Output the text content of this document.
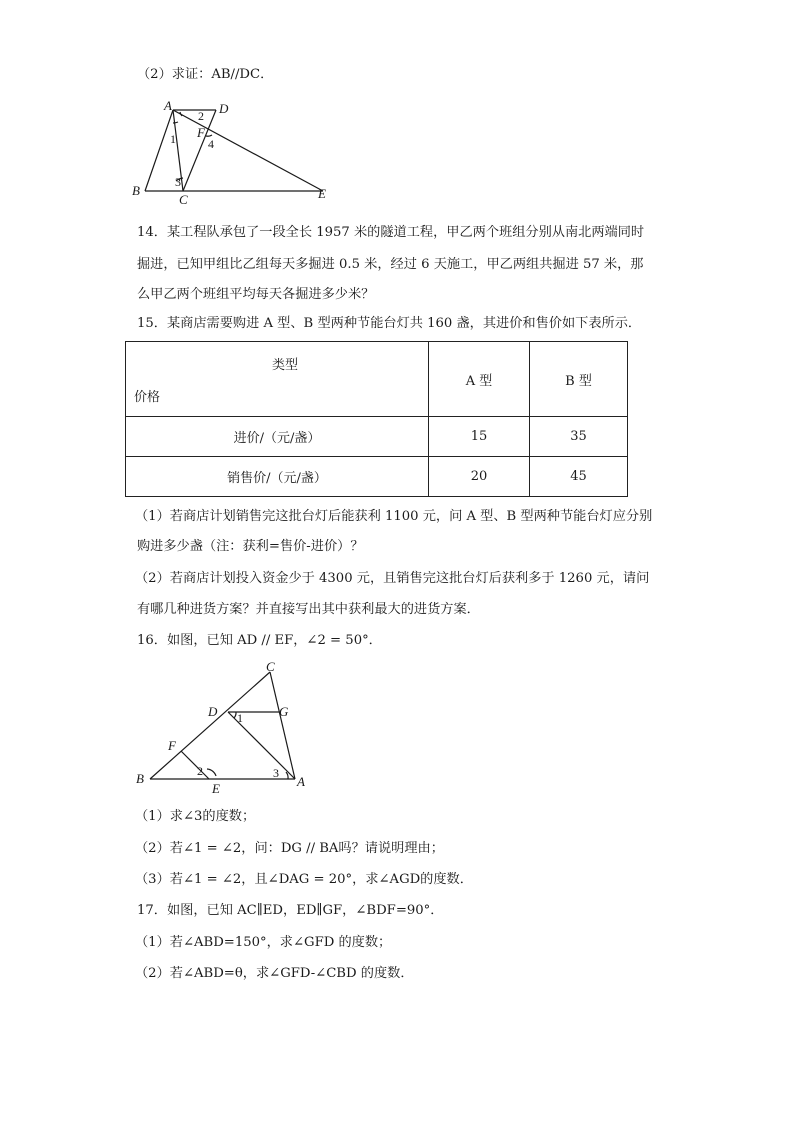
（2）求证：AB//DC．
A	D
F
B
C	E
1
2
3
4
14．某工程队承包了一段全长 1957 米的隧道工程，甲乙两个班组分别从南北两端同时
掘进，已知甲组比乙组每天多掘进 0.5 米，经过 6 天施工，甲乙两组共掘进 57 米，那
么甲乙两个班组平均每天各掘进多少米？
15．某商店需要购进 A 型、B 型两种节能台灯共 160 盏，其进价和售价如下表所示．
类型
价格	A 型	B 型
进价/（元/盏）	15	35
销售价/（元/盏）	20	45
（1）若商店计划销售完这批台灯后能获利 1100 元，问 A 型、B 型两种节能台灯应分别
购进多少盏（注：获利=售价-进价）？
（2）若商店计划投入资金少于 4300 元，且销售完这批台灯后获利多于 1260 元，请问
有哪几种进货方案？并直接写出其中获利最大的进货方案．
16．如图，已知 AD // EF，∠2 = 50°．
C
D	G
F
B
E	A
1
2	3
（1）求∠3的度数；
（2）若∠1 = ∠2，问：DG // BA吗？请说明理由；
（3）若∠1 = ∠2，且∠DAG = 20°，求∠AGD的度数．
17．如图，已知 AC∥ED，ED∥GF，∠BDF=90°．
（1）若∠ABD=150°，求∠GFD 的度数；
（2）若∠ABD=θ，求∠GFD-∠CBD 的度数．
